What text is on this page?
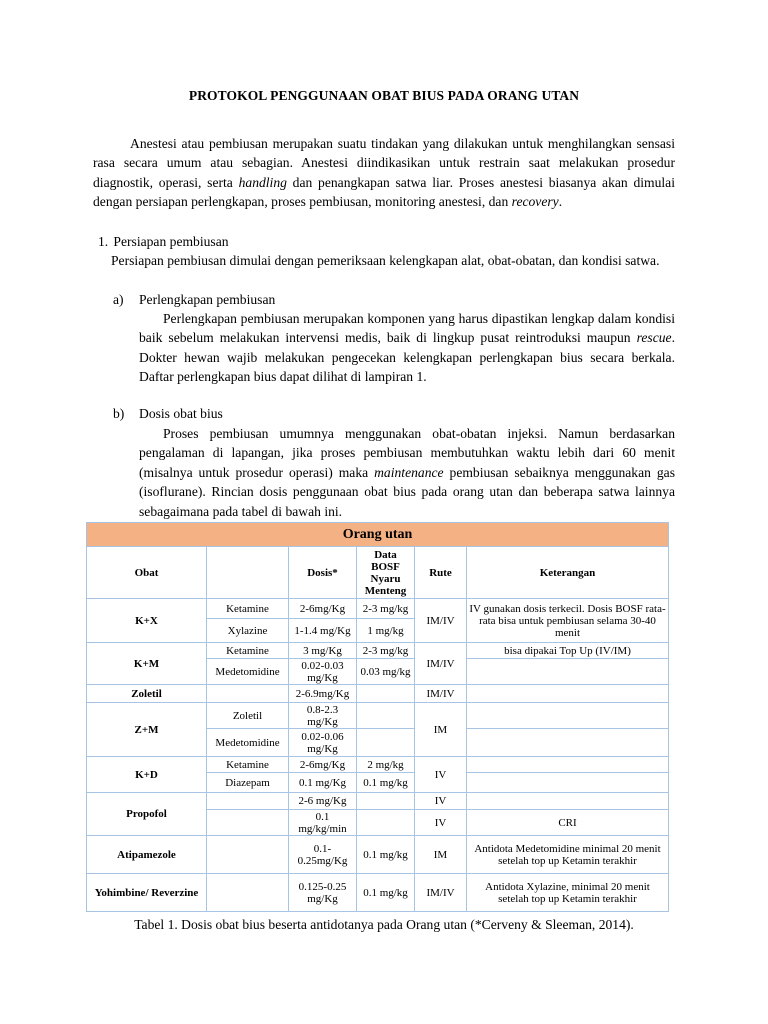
PROTOKOL PENGGUNAAN OBAT BIUS PADA ORANG UTAN

Anestesi atau pembiusan merupakan suatu tindakan yang dilakukan untuk menghilangkan sensasi rasa secara umum atau sebagian. Anestesi diindikasikan untuk restrain saat melakukan prosedur diagnostik, operasi, serta handling dan penangkapan satwa liar. Proses anestesi biasanya akan dimulai dengan persiapan perlengkapan, proses pembiusan, monitoring anestesi, dan recovery.

1. Persiapan pembiusan

Persiapan pembiusan dimulai dengan pemeriksaan kelengkapan alat, obat-obatan, dan kondisi satwa.

a) Perlengkapan pembiusan

Perlengkapan pembiusan merupakan komponen yang harus dipastikan lengkap dalam kondisi baik sebelum melakukan intervensi medis, baik di lingkup pusat reintroduksi maupun rescue. Dokter hewan wajib melakukan pengecekan kelengkapan perlengkapan bius secara berkala. Daftar perlengkapan bius dapat dilihat di lampiran 1.

b) Dosis obat bius

Proses pembiusan umumnya menggunakan obat-obatan injeksi. Namun berdasarkan pengalaman di lapangan, jika proses pembiusan membutuhkan waktu lebih dari 60 menit (misalnya untuk prosedur operasi) maka maintenance pembiusan sebaiknya menggunakan gas (isoflurane). Rincian dosis penggunaan obat bius pada orang utan dan beberapa satwa lainnya sebagaimana pada tabel di bawah ini.

Orang utan					
Obat		Dosis*	Data BOSF Nyaru Menteng	Rute	Keterangan
K+X	Ketamine	2-6mg/Kg	2-3 mg/kg	IM/IV	IV gunakan dosis terkecil. Dosis BOSF rata-rata bisa untuk pembiusan selama 30-40 menit
	Xylazine	1-1.4 mg/Kg	1 mg/kg		
K+M	Ketamine	3 mg/Kg	2-3 mg/kg	IM/IV	bisa dipakai Top Up (IV/IM)
	Medetomidine	0.02-0.03 mg/Kg	0.03 mg/kg		
Zoletil		2-6.9mg/Kg		IM/IV	
Z+M	Zoletil	0.8-2.3 mg/Kg		IM	
	Medetomidine	0.02-0.06 mg/Kg			
K+D	Ketamine	2-6mg/Kg	2 mg/kg	IV	
	Diazepam	0.1 mg/Kg	0.1 mg/kg		
Propofol		2-6 mg/Kg		IV	
		0.1 mg/kg/min		IV	CRI
Atipamezole		0.1-0.25mg/Kg	0.1 mg/kg	IM	Antidota Medetomidine minimal 20 menit setelah top up Ketamin terakhir
Yohimbine/ Reverzine		0.125-0.25 mg/Kg	0.1 mg/kg	IM/IV	Antidota Xylazine, minimal 20 menit setelah top up Ketamin terakhir
Tabel 1. Dosis obat bius beserta antidotanya pada Orang utan (*Cerveny & Sleeman, 2014).
